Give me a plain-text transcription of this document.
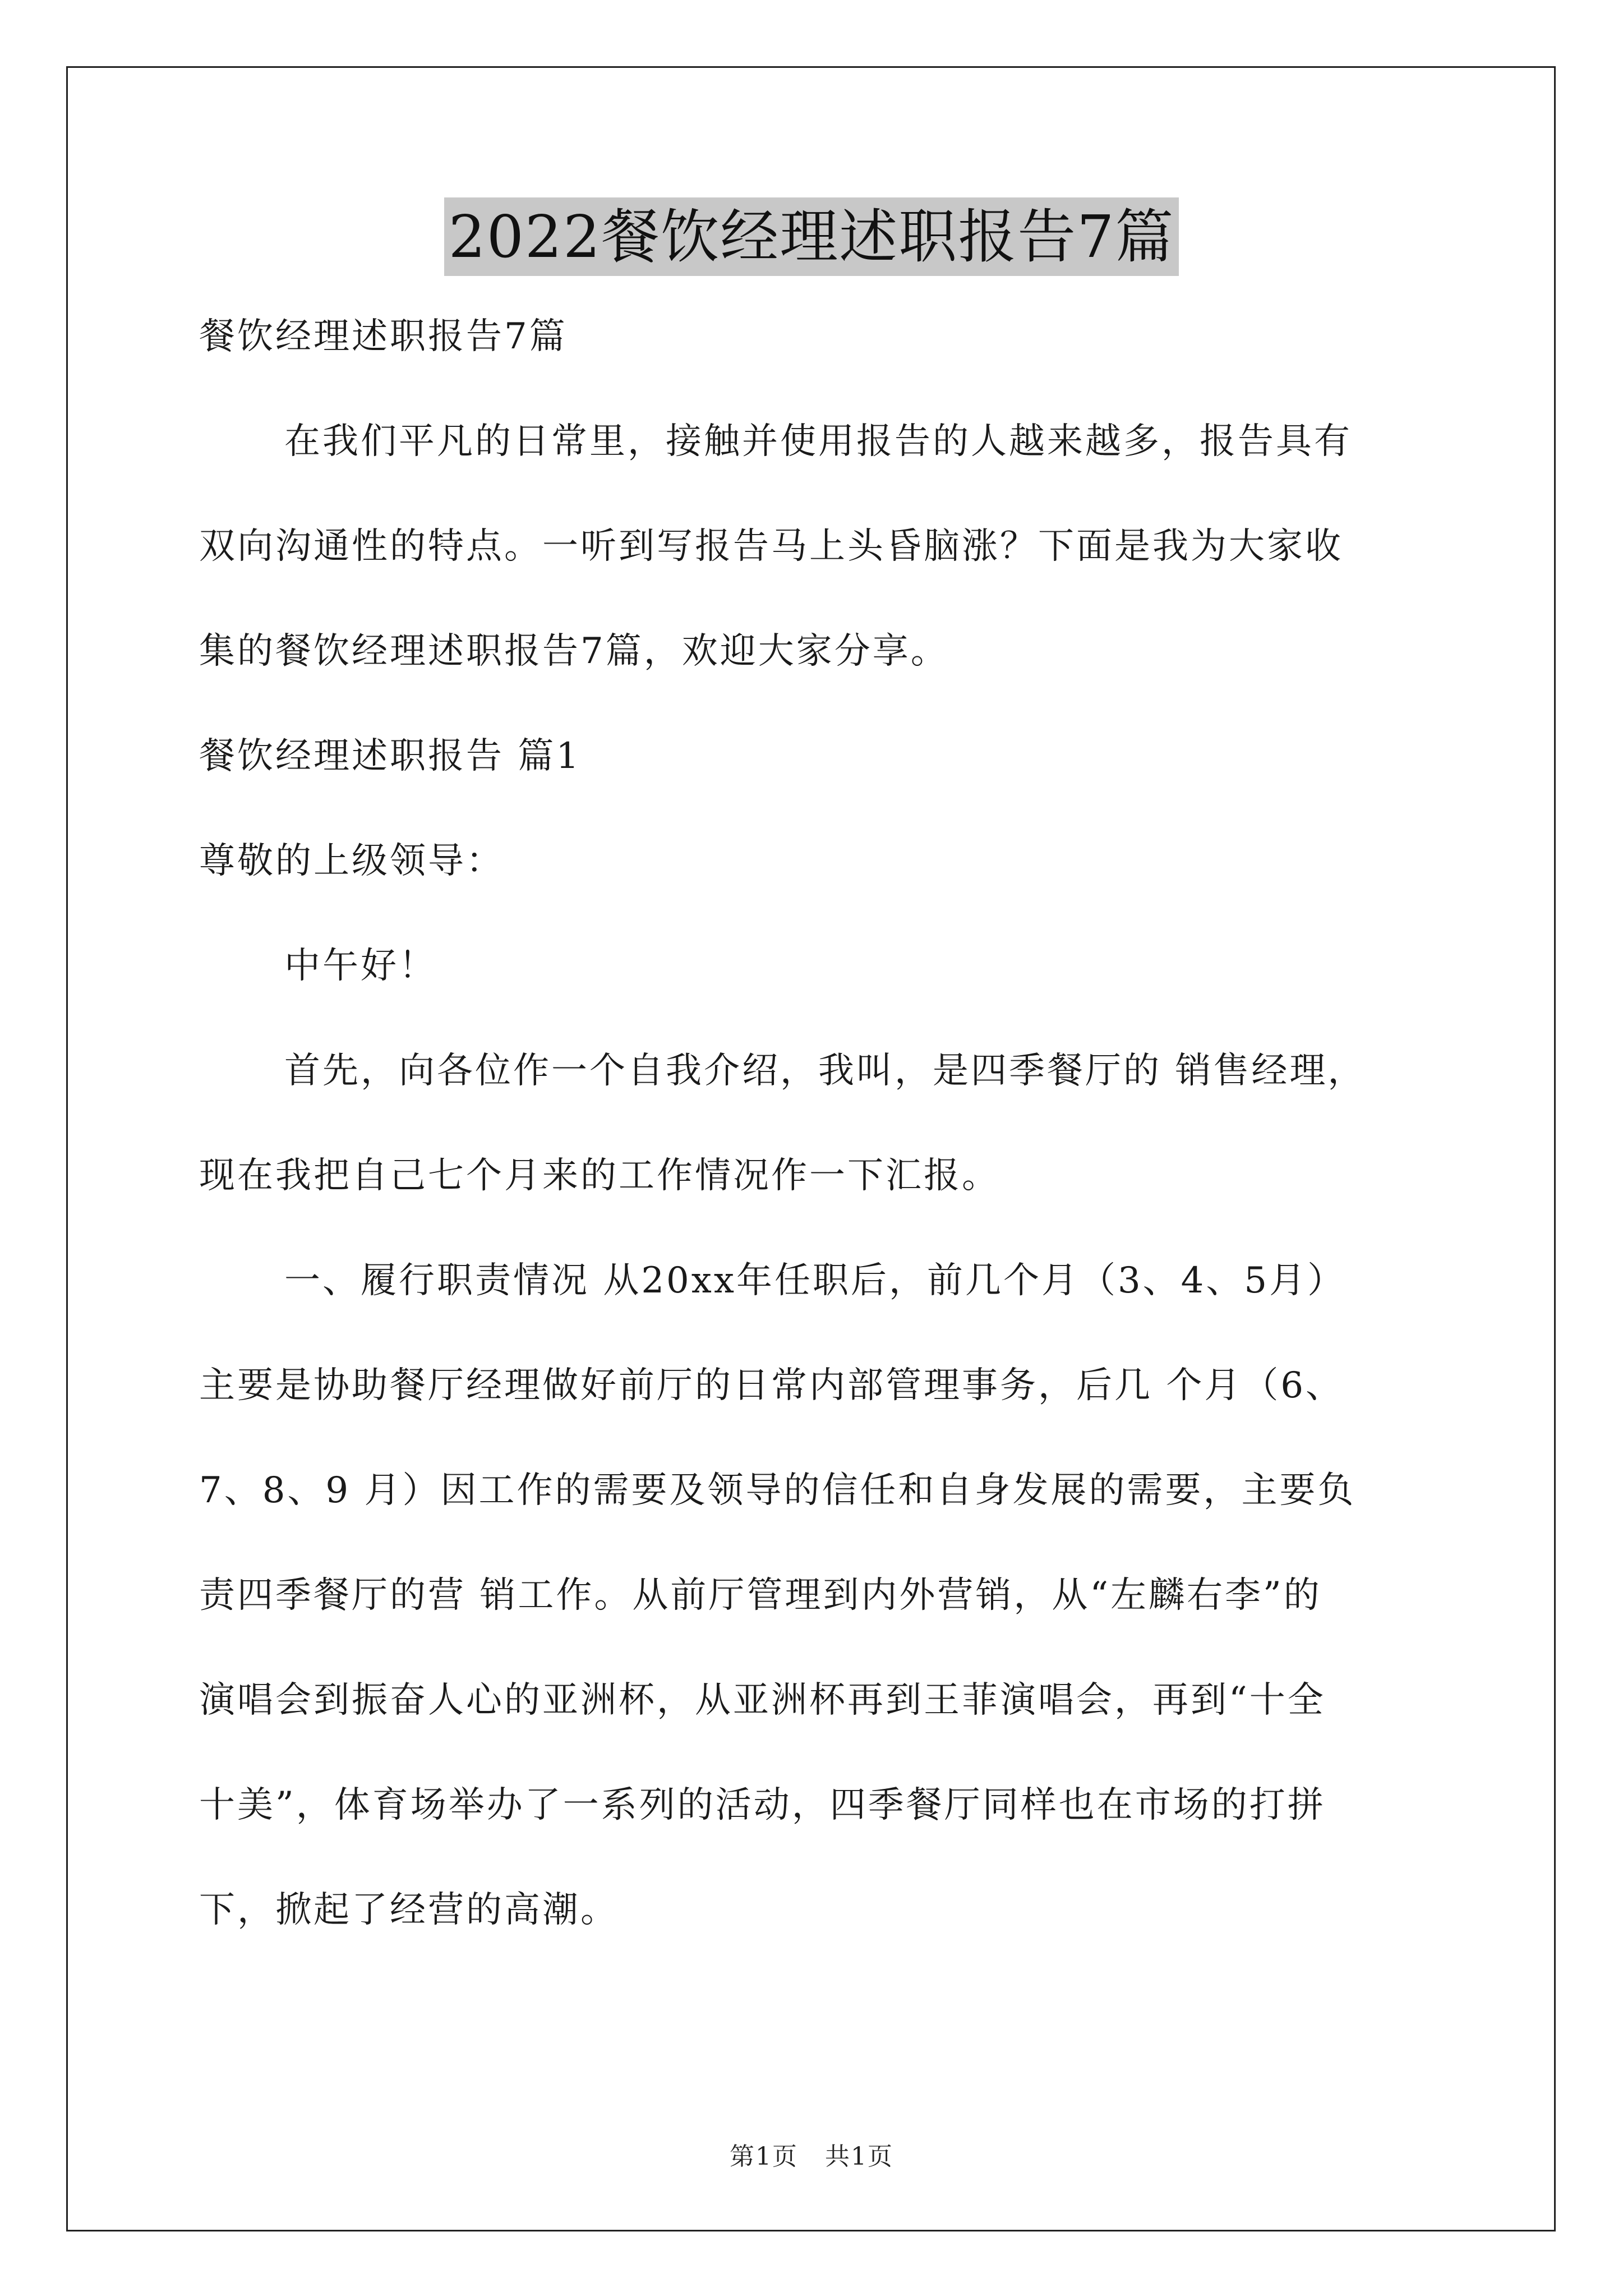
2022餐饮经理述职报告7篇
餐饮经理述职报告7篇
在我们平凡的日常里，接触并使用报告的人越来越多，报告具有
双向沟通性的特点。一听到写报告马上头昏脑涨？下面是我为大家收
集的餐饮经理述职报告7篇，欢迎大家分享。
餐饮经理述职报告 篇1
尊敬的上级领导：
中午好！
首先，向各位作一个自我介绍，我叫，是四季餐厅的 销售经理，
现在我把自己七个月来的工作情况作一下汇报。
一、履行职责情况 从20xx年任职后，前几个月（3、4、5月）
主要是协助餐厅经理做好前厅的日常内部管理事务，后几 个月（6、
7、8、9 月）因工作的需要及领导的信任和自身发展的需要，主要负
责四季餐厅的营 销工作。从前厅管理到内外营销，从“左麟右李”的
演唱会到振奋人心的亚洲杯，从亚洲杯再到王菲演唱会，再到“十全
十美”，体育场举办了一系列的活动，四季餐厅同样也在市场的打拼
下，掀起了经营的高潮。
第1页 共1页
